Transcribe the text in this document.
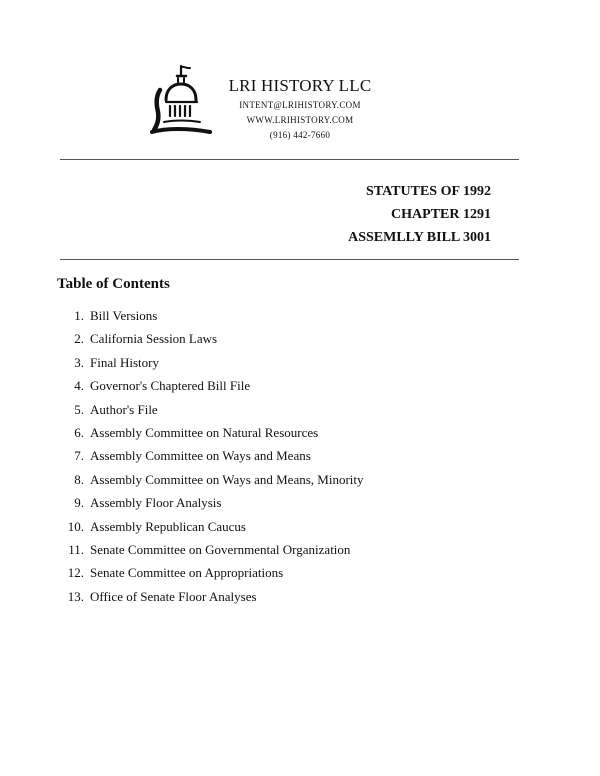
LRI HISTORY LLC
INTENT@LRIHISTORY.COM
WWW.LRIHISTORY.COM
(916) 442-7660
STATUTES OF 1992
CHAPTER 1291
ASSEMLLY BILL 3001
Table of Contents
1. Bill Versions
2. California Session Laws
3. Final History
4. Governor's Chaptered Bill File
5. Author's File
6. Assembly Committee on Natural Resources
7. Assembly Committee on Ways and Means
8. Assembly Committee on Ways and Means, Minority
9. Assembly Floor Analysis
10. Assembly Republican Caucus
11. Senate Committee on Governmental Organization
12. Senate Committee on Appropriations
13. Office of Senate Floor Analyses
